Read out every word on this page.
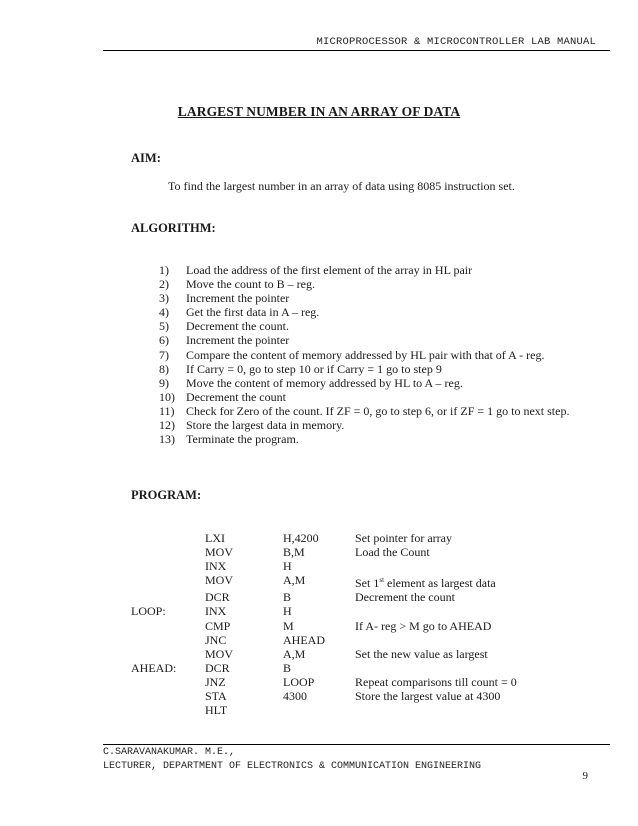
MICROPROCESSOR & MICROCONTROLLER LAB MANUAL
LARGEST NUMBER IN AN ARRAY OF DATA
AIM:
To find the largest number in an array of data using 8085 instruction set.
ALGORITHM:
1) Load the address of the first element of the array in HL pair
2) Move the count to B – reg.
3) Increment the pointer
4) Get the first data in A – reg.
5) Decrement the count.
6) Increment the pointer
7) Compare the content of memory addressed by HL pair with that of A - reg.
8) If Carry = 0, go to step 10 or if Carry = 1 go to step 9
9) Move the content of memory addressed by HL to A – reg.
10) Decrement the count
11) Check for Zero of the count. If ZF = 0, go to step 6, or if ZF = 1 go to next step.
12) Store the largest data in memory.
13) Terminate the program.
PROGRAM:
	LXI	H,4200	Set pointer for array
	MOV	B,M	Load the Count
	INX	H	
	MOV	A,M	Set 1st element as largest data
	DCR	B	Decrement the count
LOOP:	INX	H	
	CMP	M	If A- reg > M go to AHEAD
	JNC	AHEAD	
	MOV	A,M	Set the new value as largest
AHEAD:	DCR	B	
	JNZ	LOOP	Repeat comparisons till count = 0
	STA	4300	Store the largest value at 4300
	HLT		
C.SARAVANAKUMAR. M.E.,
LECTURER, DEPARTMENT OF ELECTRONICS & COMMUNICATION ENGINEERING
9
